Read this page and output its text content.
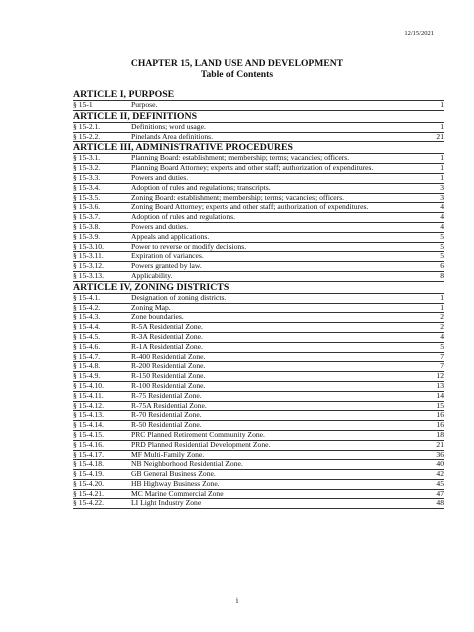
12/15/2021
CHAPTER 15, LAND USE AND DEVELOPMENT
Table of Contents
ARTICLE I, PURPOSE
§ 15-1	Purpose.	1
ARTICLE II, DEFINITIONS
§ 15-2.1.	Definitions; word usage.	1
§ 15-2.2.	Pinelands Area definitions.	21
ARTICLE III, ADMINISTRATIVE PROCEDURES
§ 15-3.1.	Planning Board: establishment; membership; terms; vacancies; officers.	1
§ 15-3.2.	Planning Board Attorney; experts and other staff; authorization of expenditures.	1
§ 15-3.3.	Powers and duties.	1
§ 15-3.4.	Adoption of rules and regulations; transcripts.	3
§ 15-3.5.	Zoning Board: establishment; membership; terms; vacancies; officers.	3
§ 15-3.6.	Zoning Board Attorney; experts and other staff; authorization of expenditures.	4
§ 15-3.7.	Adoption of rules and regulations.	4
§ 15-3.8.	Powers and duties.	4
§ 15-3.9.	Appeals and applications.	5
§ 15-3.10.	Power to reverse or modify decisions.	5
§ 15-3.11.	Expiration of variances.	5
§ 15-3.12.	Powers granted by law.	6
§ 15-3.13.	Applicability.	8
ARTICLE IV, ZONING DISTRICTS
§ 15-4.1.	Designation of zoning districts.	1
§ 15-4.2.	Zoning Map.	1
§ 15-4.3.	Zone boundaries.	2
§ 15-4.4.	R-5A Residential Zone.	2
§ 15-4.5.	R-3A Residential Zone.	4
§ 15-4.6.	R-1A Residential Zone.	5
§ 15-4.7.	R-400 Residential Zone.	7
§ 15-4.8.	R-200 Residential Zone.	7
§ 15-4.9.	R-150 Residential Zone.	12
§ 15-4.10.	R-100 Residential Zone.	13
§ 15-4.11.	R-75 Residential Zone.	14
§ 15-4.12.	R-75A Residential Zone.	15
§ 15-4.13.	R-70 Residential Zone.	16
§ 15-4.14.	R-50 Residential Zone.	16
§ 15-4.15.	PRC Planned Retirement Community Zone.	18
§ 15-4.16.	PRD Planned Residential Development Zone.	21
§ 15-4.17.	MF Multi-Family Zone.	36
§ 15-4.18.	NB Neighborhood Residential Zone.	40
§ 15-4.19.	GB General Business Zone.	42
§ 15-4.20.	HB Highway Business Zone.	45
§ 15-4.21.	MC Marine Commercial Zone	47
§ 15-4.22.	LI Light Industry Zone	48
i
